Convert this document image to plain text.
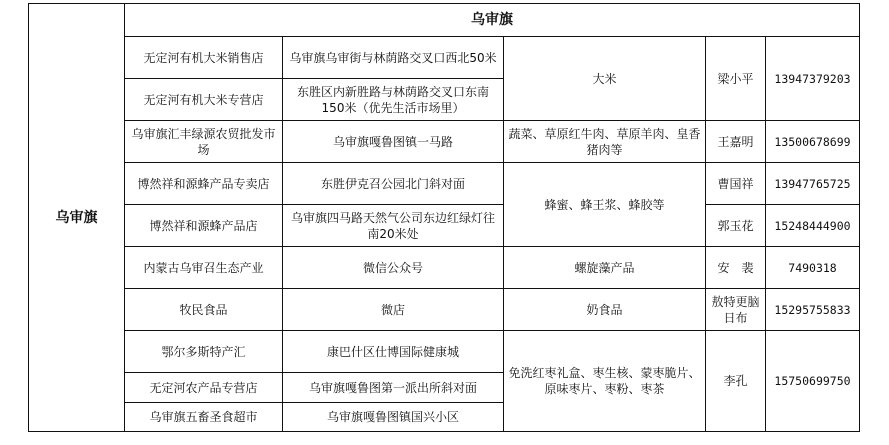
乌审旗	乌审旗				
	无定河有机大米销售店	乌审旗乌审街与林荫路交叉口西北50米	大米	梁小平	13947379203
	无定河有机大米专营店	东胜区内新胜路与林荫路交叉口东南150米（优先生活市场里）			
	乌审旗汇丰绿源农贸批发市场	乌审旗嘎鲁图镇一马路	蔬菜、草原红牛肉、草原羊肉、皇香猪肉等	王嘉明	13500678699
	博然祥和源蜂产品专卖店	东胜伊克召公园北门斜对面	蜂蜜、蜂王浆、蜂胶等	曹国祥	13947765725
	博然祥和源蜂产品店	乌审旗四马路天然气公司东边红绿灯往南20米处		郭玉花	15248444900
	内蒙古乌审召生态产业	微信公众号	螺旋藻产品	安　裴	7490318
	牧民食品	微店	奶食品	敖特更脑日布	15295755833
	鄂尔多斯特产汇	康巴什区仕博国际健康城	免洗红枣礼盒、枣生核、蒙枣脆片、原味枣片、枣粉、枣茶	李孔	15750699750
	无定河农产品专营店	乌审旗嘎鲁图第一派出所斜对面			
	乌审旗五畜圣食超市	乌审旗嘎鲁图镇国兴小区			
